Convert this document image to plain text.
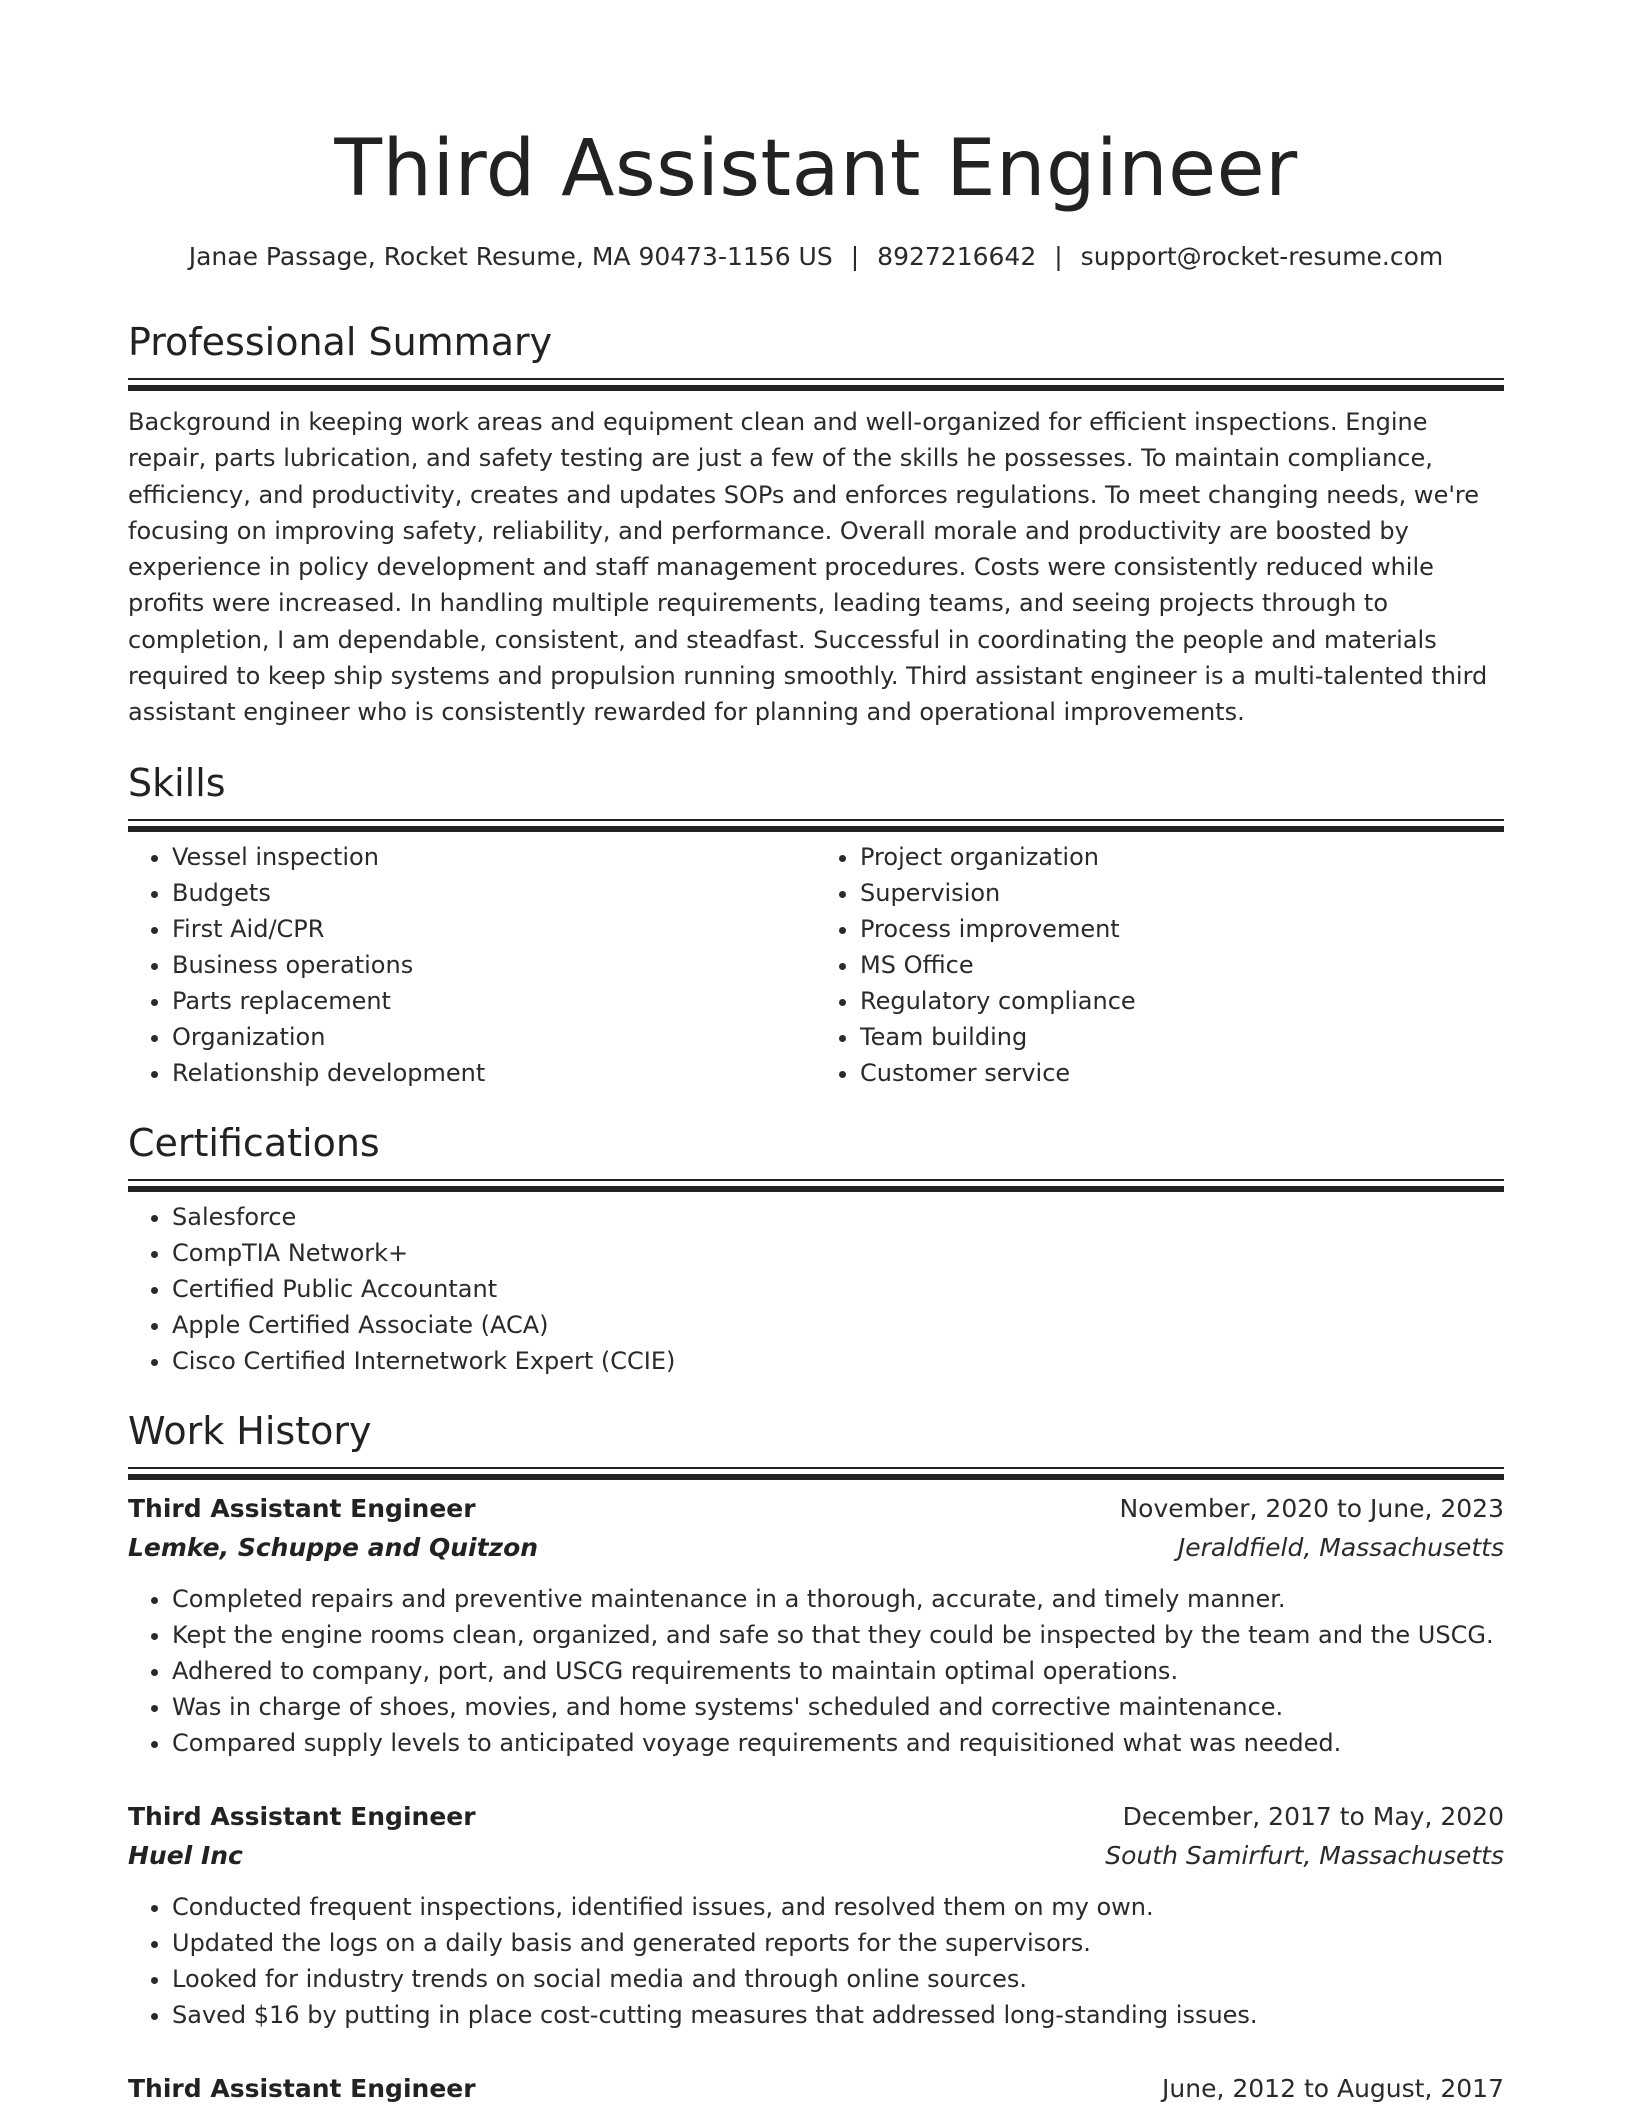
Third Assistant Engineer
Janae Passage, Rocket Resume, MA 90473-1156 US | 8927216642 | support@rocket-resume.com
Professional Summary
Background in keeping work areas and equipment clean and well-organized for efficient inspections. Engine repair, parts lubrication, and safety testing are just a few of the skills he possesses. To maintain compliance, efficiency, and productivity, creates and updates SOPs and enforces regulations. To meet changing needs, we're focusing on improving safety, reliability, and performance. Overall morale and productivity are boosted by experience in policy development and staff management procedures. Costs were consistently reduced while profits were increased. In handling multiple requirements, leading teams, and seeing projects through to completion, I am dependable, consistent, and steadfast. Successful in coordinating the people and materials required to keep ship systems and propulsion running smoothly. Third assistant engineer is a multi-talented third assistant engineer who is consistently rewarded for planning and operational improvements.
Skills
• Vessel inspection
• Budgets
• First Aid/CPR
• Business operations
• Parts replacement
• Organization
• Relationship development
• Project organization
• Supervision
• Process improvement
• MS Office
• Regulatory compliance
• Team building
• Customer service
Certifications
• Salesforce
• CompTIA Network+
• Certified Public Accountant
• Apple Certified Associate (ACA)
• Cisco Certified Internetwork Expert (CCIE)
Work History
Third Assistant Engineer	November, 2020 to June, 2023
Lemke, Schuppe and Quitzon	Jeraldfield, Massachusetts
• Completed repairs and preventive maintenance in a thorough, accurate, and timely manner.
• Kept the engine rooms clean, organized, and safe so that they could be inspected by the team and the USCG.
• Adhered to company, port, and USCG requirements to maintain optimal operations.
• Was in charge of shoes, movies, and home systems' scheduled and corrective maintenance.
• Compared supply levels to anticipated voyage requirements and requisitioned what was needed.
Third Assistant Engineer	December, 2017 to May, 2020
Huel Inc	South Samirfurt, Massachusetts
• Conducted frequent inspections, identified issues, and resolved them on my own.
• Updated the logs on a daily basis and generated reports for the supervisors.
• Looked for industry trends on social media and through online sources.
• Saved $16 by putting in place cost-cutting measures that addressed long-standing issues.
Third Assistant Engineer	June, 2012 to August, 2017
